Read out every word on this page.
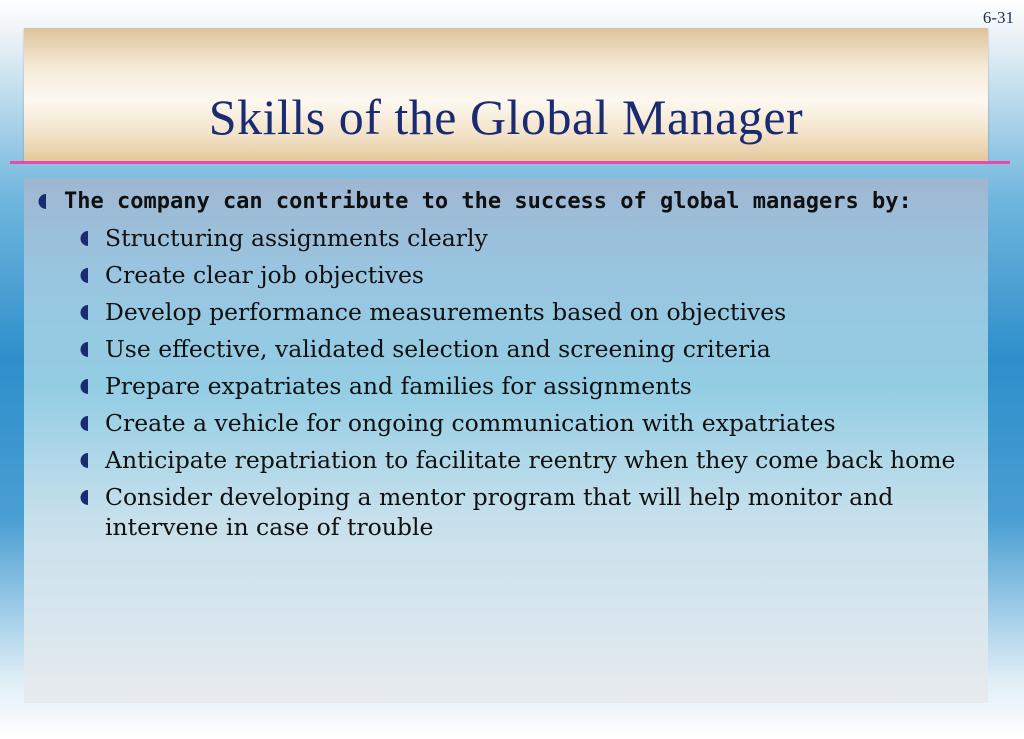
6-31
Skills of the Global Manager
The company can contribute to the success of global managers by:
Structuring assignments clearly
Create clear job objectives
Develop performance measurements based on objectives
Use effective, validated selection and screening criteria
Prepare expatriates and families for assignments
Create a vehicle for ongoing communication with expatriates
Anticipate repatriation to facilitate reentry when they come back home
Consider developing a mentor program that will help monitor and intervene in case of trouble
